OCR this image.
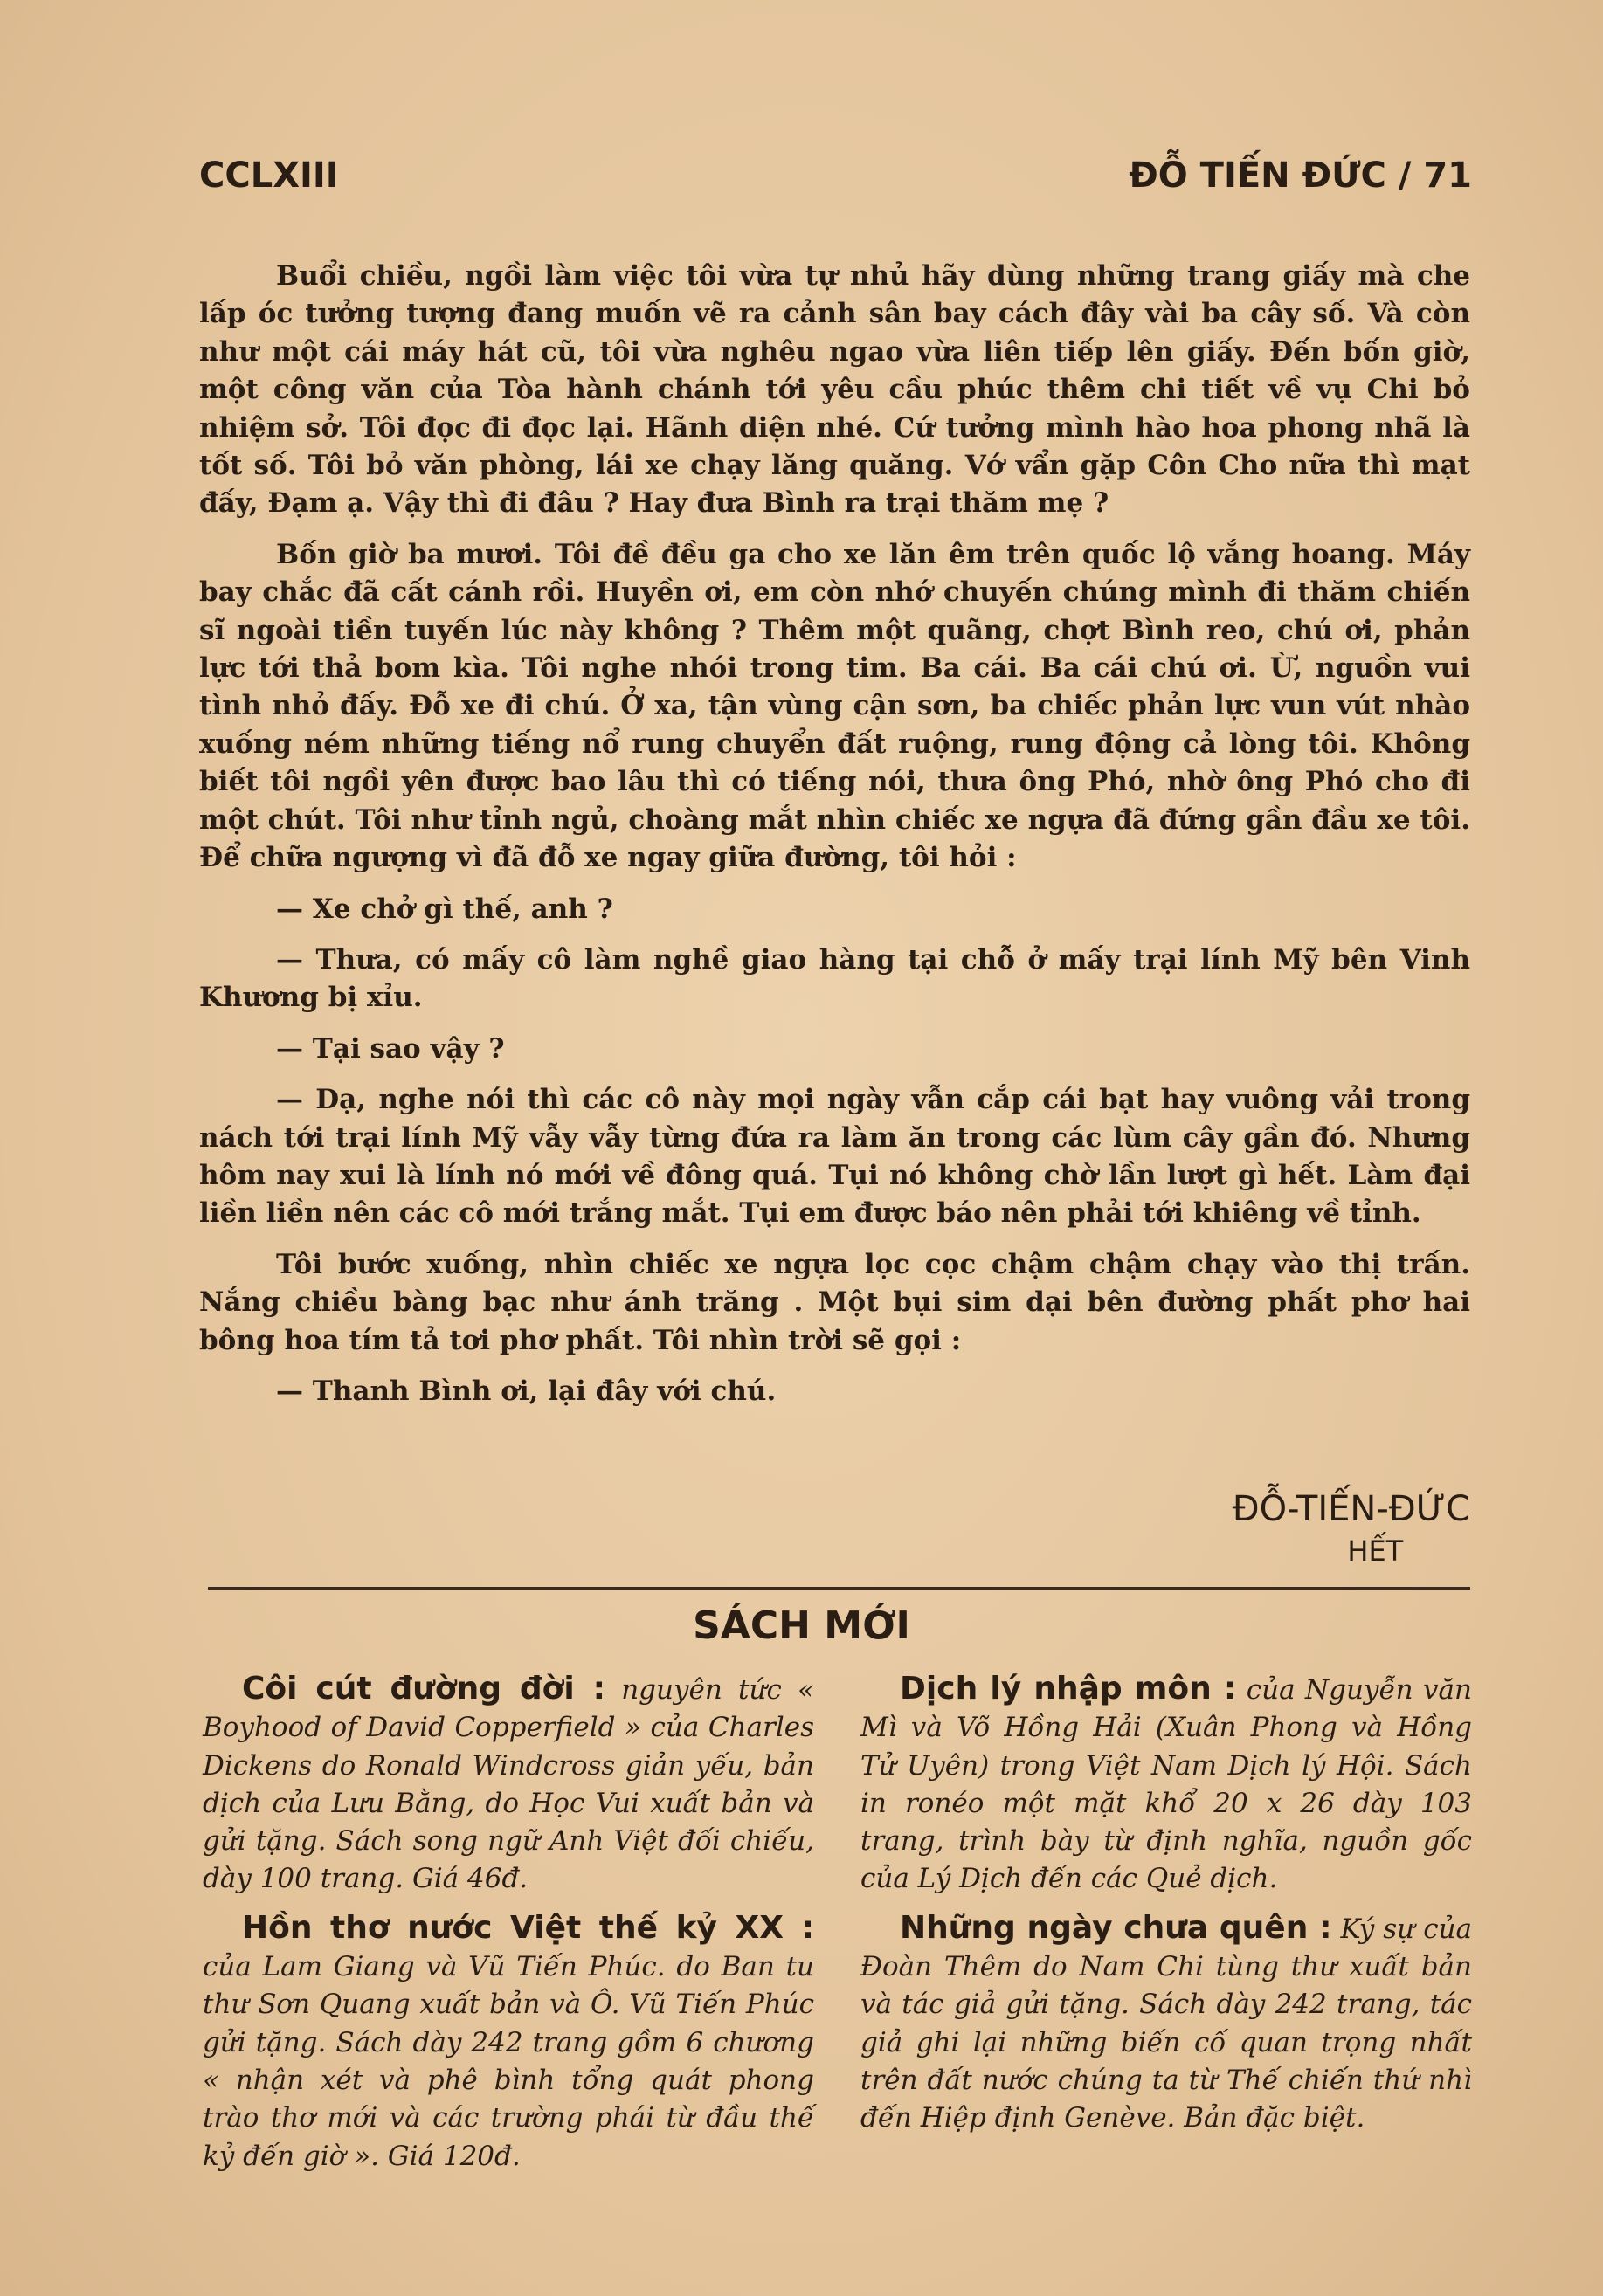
CCLXIII	ĐỖ TIẾN ĐỨC / 71

Buổi chiều, ngồi làm việc tôi vừa tự nhủ hãy dùng những trang giấy mà che lấp óc tưởng tượng đang muốn vẽ ra cảnh sân bay cách đây vài ba cây số. Và còn như một cái máy hát cũ, tôi vừa nghêu ngao vừa liên tiếp lên giấy. Đến bốn giờ, một công văn của Tòa hành chánh tới yêu cầu phúc thêm chi tiết về vụ Chi bỏ nhiệm sở. Tôi đọc đi đọc lại. Hãnh diện nhé. Cứ tưởng mình hào hoa phong nhã là tốt số. Tôi bỏ văn phòng, lái xe chạy lăng quăng. Vớ vẩn gặp Côn Cho nữa thì mạt đấy, Đạm ạ. Vậy thì đi đâu ? Hay đưa Bình ra trại thăm mẹ ?

Bốn giờ ba mươi. Tôi đề đều ga cho xe lăn êm trên quốc lộ vắng hoang. Máy bay chắc đã cất cánh rồi. Huyền ơi, em còn nhớ chuyến chúng mình đi thăm chiến sĩ ngoài tiền tuyến lúc này không ? Thêm một quãng, chợt Bình reo, chú ơi, phản lực tới thả bom kìa. Tôi nghe nhói trong tim. Ba cái. Ba cái chú ơi. Ừ, nguồn vui tình nhỏ đấy. Đỗ xe đi chú. Ở xa, tận vùng cận sơn, ba chiếc phản lực vun vút nhào xuống ném những tiếng nổ rung chuyển đất ruộng, rung động cả lòng tôi. Không biết tôi ngồi yên được bao lâu thì có tiếng nói, thưa ông Phó, nhờ ông Phó cho đi một chút. Tôi như tỉnh ngủ, choàng mắt nhìn chiếc xe ngựa đã đứng gần đầu xe tôi. Để chữa ngượng vì đã đỗ xe ngay giữa đường, tôi hỏi :

— Xe chở gì thế, anh ?

— Thưa, có mấy cô làm nghề giao hàng tại chỗ ở mấy trại lính Mỹ bên Vinh Khương bị xỉu.

— Tại sao vậy ?

— Dạ, nghe nói thì các cô này mọi ngày vẫn cắp cái bạt hay vuông vải trong nách tới trại lính Mỹ vẫy vẫy từng đứa ra làm ăn trong các lùm cây gần đó. Nhưng hôm nay xui là lính nó mới về đông quá. Tụi nó không chờ lần lượt gì hết. Làm đại liền liền nên các cô mới trắng mắt. Tụi em được báo nên phải tới khiêng về tỉnh.

Tôi bước xuống, nhìn chiếc xe ngựa lọc cọc chậm chậm chạy vào thị trấn. Nắng chiều bàng bạc như ánh trăng . Một bụi sim dại bên đường phất phơ hai bông hoa tím tả tơi phơ phất. Tôi nhìn trời sẽ gọi :

— Thanh Bình ơi, lại đây với chú.

ĐỖ-TIẾN-ĐỨC
HẾT
SÁCH MỚI
Côi cút đường đời : nguyên tức « Boyhood of David Copperfield » của Charles Dickens do Ronald Windcross giản yếu, bản dịch của Lưu Bằng, do Học Vui xuất bản và gửi tặng. Sách song ngữ Anh Việt đối chiếu, dày 100 trang. Giá 46đ.
Hồn thơ nước Việt thế kỷ XX : của Lam Giang và Vũ Tiến Phúc. do Ban tu thư Sơn Quang xuất bản và Ô. Vũ Tiến Phúc gửi tặng. Sách dày 242 trang gồm 6 chương « nhận xét và phê bình tổng quát phong trào thơ mới và các trường phái từ đầu thế kỷ đến giờ ». Giá 120đ.
Dịch lý nhập môn : của Nguyễn văn Mì và Võ Hồng Hải (Xuân Phong và Hồng Tử Uyên) trong Việt Nam Dịch lý Hội. Sách in ronéo một mặt khổ 20 x 26 dày 103 trang, trình bày từ định nghĩa, nguồn gốc của Lý Dịch đến các Quẻ dịch.
Những ngày chưa quên : Ký sự của Đoàn Thêm do Nam Chi tùng thư xuất bản và tác giả gửi tặng. Sách dày 242 trang, tác giả ghi lại những biến cố quan trọng nhất trên đất nước chúng ta từ Thế chiến thứ nhì đến Hiệp định Genève. Bản đặc biệt.
